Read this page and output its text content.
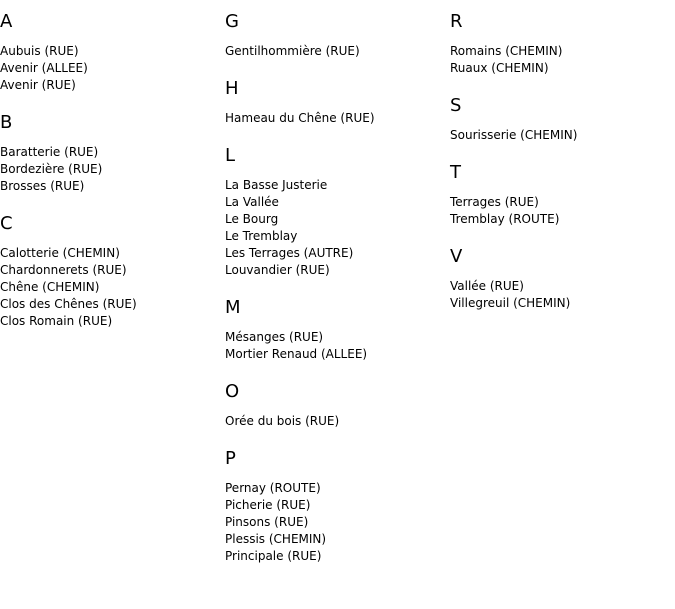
A
Aubuis (RUE)
Avenir (ALLEE)
Avenir (RUE)
B
Baratterie (RUE)
Bordezière (RUE)
Brosses (RUE)
C
Calotterie (CHEMIN)
Chardonnerets (RUE)
Chêne (CHEMIN)
Clos des Chênes (RUE)
Clos Romain (RUE)
G
Gentilhommière (RUE)
H
Hameau du Chêne (RUE)
L
La Basse Justerie
La Vallée
Le Bourg
Le Tremblay
Les Terrages (AUTRE)
Louvandier (RUE)
M
Mésanges (RUE)
Mortier Renaud (ALLEE)
O
Orée du bois (RUE)
P
Pernay (ROUTE)
Picherie (RUE)
Pinsons (RUE)
Plessis (CHEMIN)
Principale (RUE)
R
Romains (CHEMIN)
Ruaux (CHEMIN)
S
Sourisserie (CHEMIN)
T
Terrages (RUE)
Tremblay (ROUTE)
V
Vallée (RUE)
Villegreuil (CHEMIN)
